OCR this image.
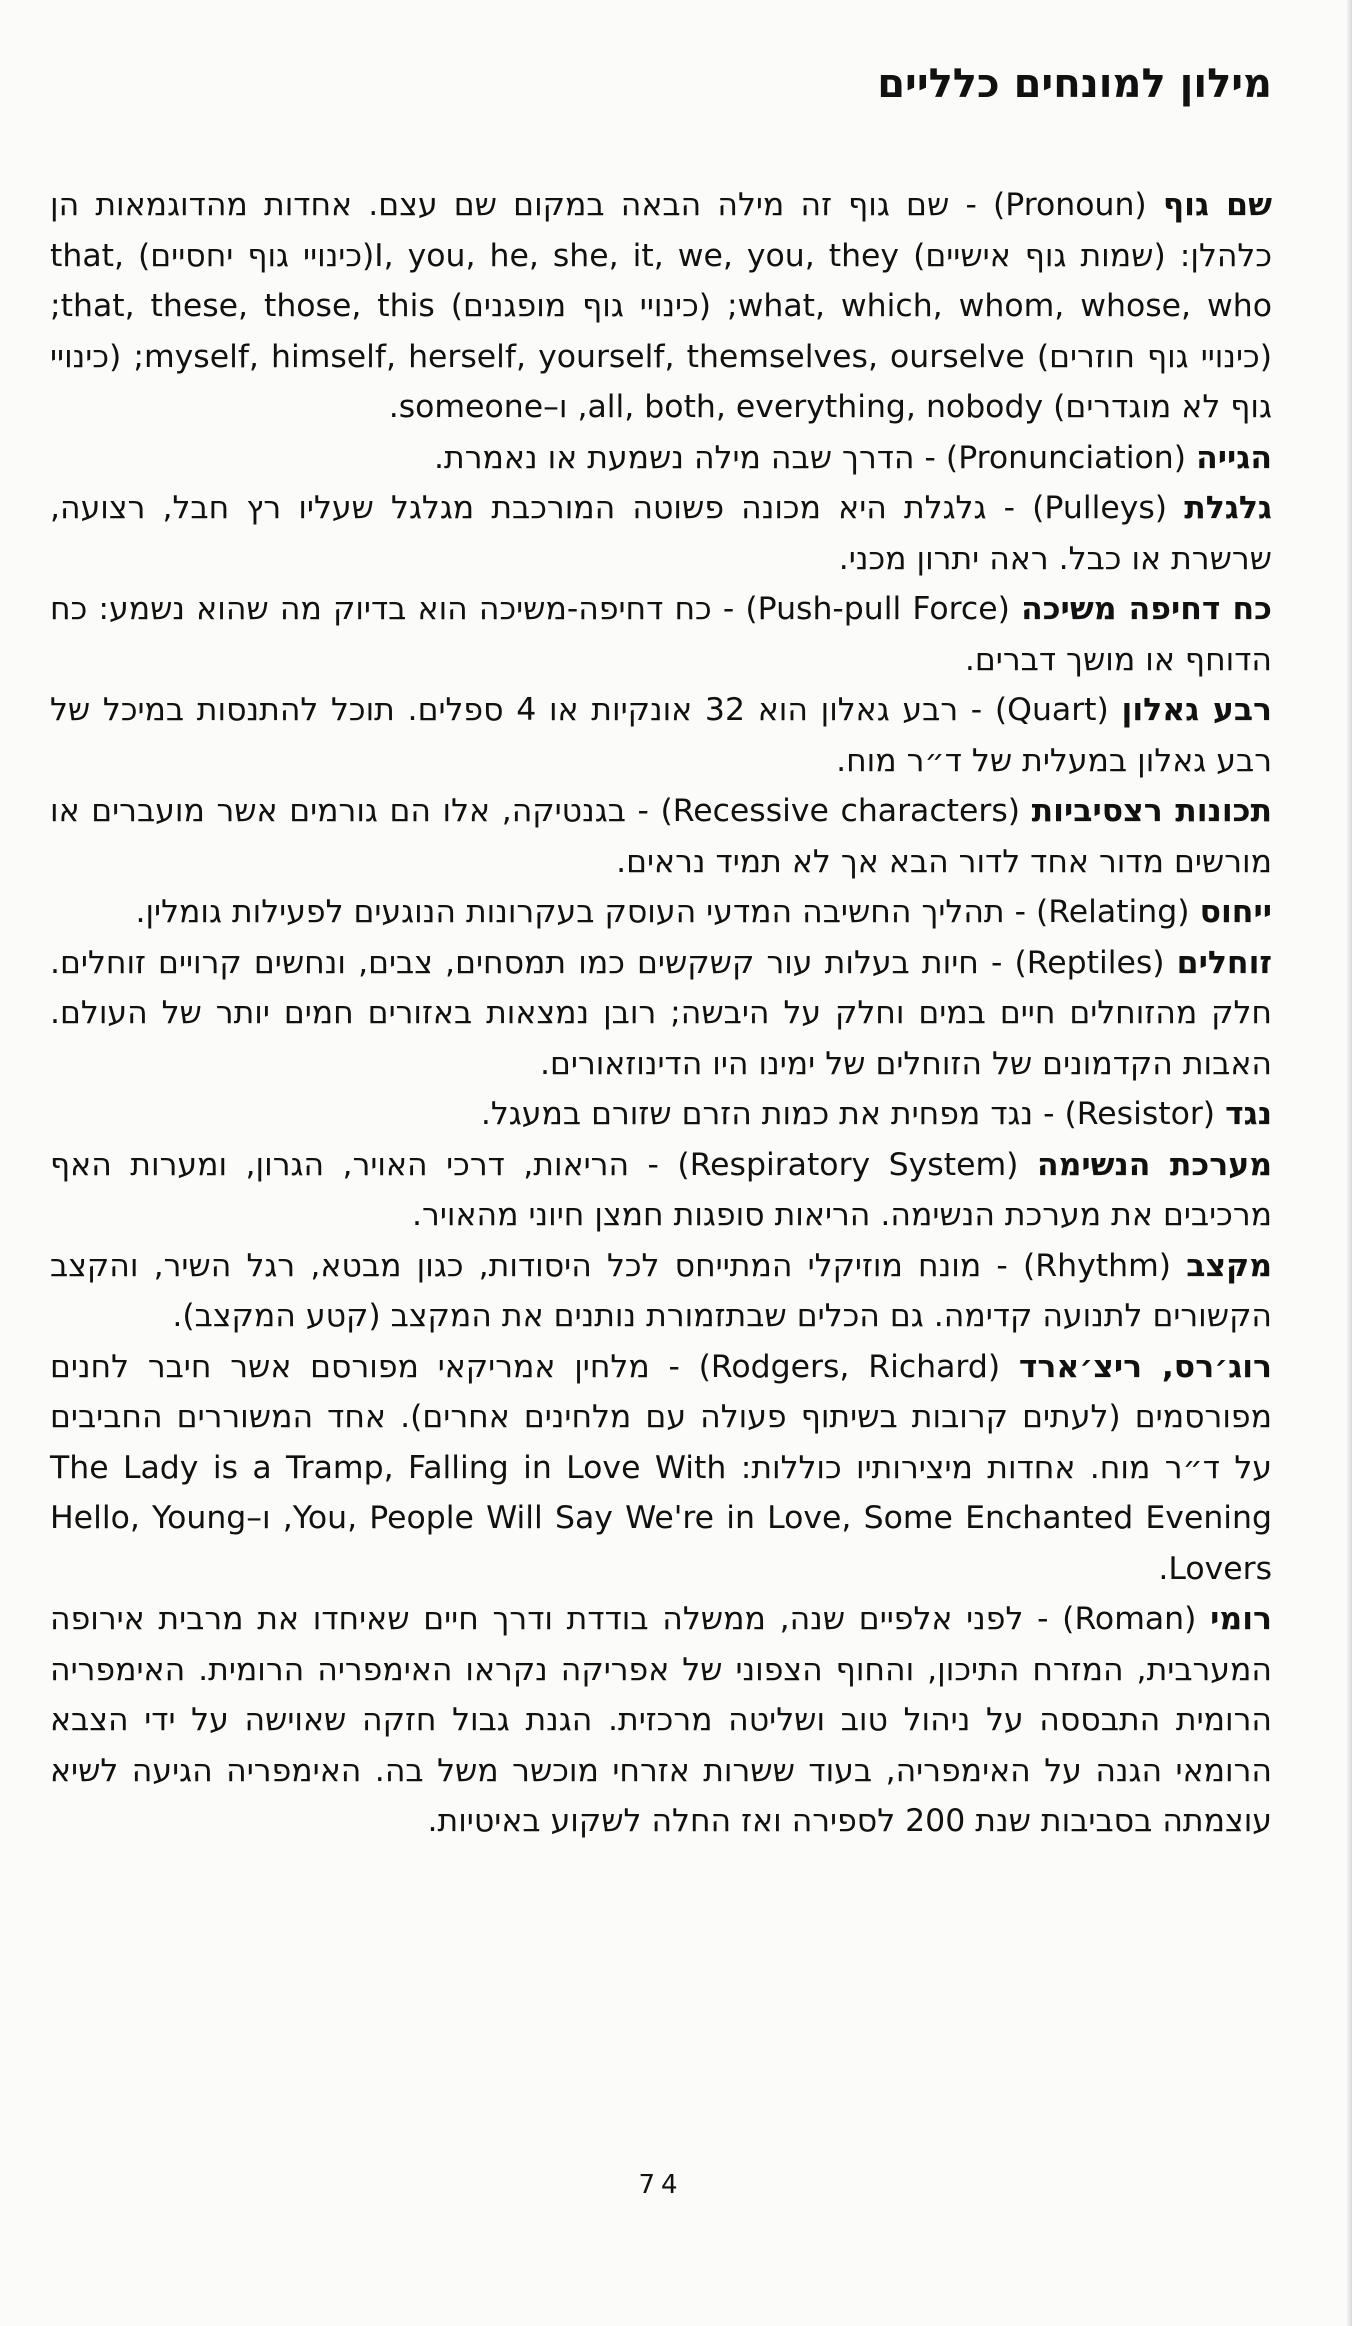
מילון למונחים כלליים

שם גוף (Pronoun) - שם גוף זה מילה הבאה במקום שם עצם. אחדות מהדוגמאות הן כלהלן: (שמות גוף אישיים) I, you, he, she, it, we, you, they(כינויי גוף יחסיים) that, what, which, whom, whose, who; (כינויי גוף מופגנים) that, these, those, this; (כינויי גוף חוזרים) myself, himself, herself, yourself, themselves, ourselve; (כינויי גוף לא מוגדרים) all, both, everything, nobody, ו–someone.

הגייה (Pronunciation) - הדרך שבה מילה נשמעת או נאמרת.

גלגלת (Pulleys) - גלגלת היא מכונה פשוטה המורכבת מגלגל שעליו רץ חבל, רצועה, שרשרת או כבל. ראה יתרון מכני.

כח דחיפה משיכה (Push-pull Force) - כח דחיפה-משיכה הוא בדיוק מה שהוא נשמע: כח הדוחף או מושך דברים.

רבע גאלון (Quart) - רבע גאלון הוא 32 אונקיות או 4 ספלים. תוכל להתנסות במיכל של רבע גאלון במעלית של ד״ר מוח.

תכונות רצסיביות (Recessive characters) - בגנטיקה, אלו הם גורמים אשר מועברים או מורשים מדור אחד לדור הבא אך לא תמיד נראים.

ייחוס (Relating) - תהליך החשיבה המדעי העוסק בעקרונות הנוגעים לפעילות גומלין.

זוחלים (Reptiles) - חיות בעלות עור קשקשים כמו תמסחים, צבים, ונחשים קרויים זוחלים. חלק מהזוחלים חיים במים וחלק על היבשה; רובן נמצאות באזורים חמים יותר של העולם. האבות הקדמונים של הזוחלים של ימינו היו הדינוזאורים.

נגד (Resistor) - נגד מפחית את כמות הזרם שזורם במעגל.

מערכת הנשימה (Respiratory System) - הריאות, דרכי האויר, הגרון, ומערות האף מרכיבים את מערכת הנשימה. הריאות סופגות חמצן חיוני מהאויר.

מקצב (Rhythm) - מונח מוזיקלי המתייחס לכל היסודות, כגון מבטא, רגל השיר, והקצב הקשורים לתנועה קדימה. גם הכלים שבתזמורת נותנים את המקצב (קטע המקצב).

רוג׳רס, ריצ׳ארד (Rodgers, Richard) - מלחין אמריקאי מפורסם אשר חיבר לחנים מפורסמים (לעתים קרובות בשיתוף פעולה עם מלחינים אחרים). אחד המשוררים החביבים על ד״ר מוח. אחדות מיצירותיו כוללות: The Lady is a Tramp, Falling in Love With You, People Will Say We're in Love, Some Enchanted Evening, ו–Hello, Young Lovers.

רומי (Roman) - לפני אלפיים שנה, ממשלה בודדת ודרך חיים שאיחדו את מרבית אירופה המערבית, המזרח התיכון, והחוף הצפוני של אפריקה נקראו האימפריה הרומית. האימפריה הרומית התבססה על ניהול טוב ושליטה מרכזית. הגנת גבול חזקה שאוישה על ידי הצבא הרומאי הגנה על האימפריה, בעוד ששרות אזרחי מוכשר משל בה. האימפריה הגיעה לשיא עוצמתה בסביבות שנת 200 לספירה ואז החלה לשקוע באיטיות.

74
